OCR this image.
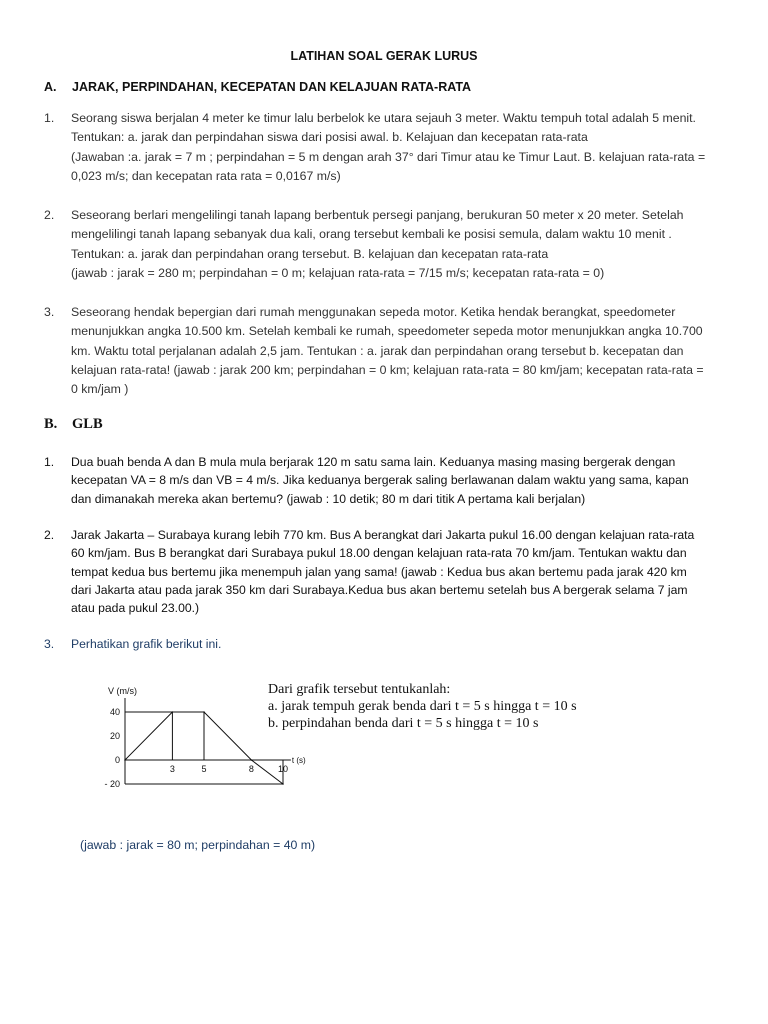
LATIHAN SOAL GERAK LURUS
A. JARAK, PERPINDAHAN, KECEPATAN DAN KELAJUAN RATA-RATA
1. Seorang siswa berjalan 4 meter ke timur lalu berbelok ke utara sejauh 3 meter. Waktu tempuh total adalah 5 menit.

Tentukan: a. jarak dan perpindahan siswa dari posisi awal. b. Kelajuan dan kecepatan rata-rata

(Jawaban :a. jarak = 7 m ; perpindahan = 5 m dengan arah 37° dari Timur atau ke Timur Laut. B. kelajuan rata-rata =

0,023 m/s; dan kecepatan rata rata = 0,0167 m/s)

2. Seseorang berlari mengelilingi tanah lapang berbentuk persegi panjang, berukuran 50 meter x 20 meter. Setelah

mengelilingi tanah lapang sebanyak dua kali, orang tersebut kembali ke posisi semula, dalam waktu 10 menit .

Tentukan: a. jarak dan perpindahan orang tersebut. B. kelajuan dan kecepatan rata-rata

(jawab : jarak = 280 m; perpindahan = 0 m; kelajuan rata-rata = 7/15 m/s; kecepatan rata-rata = 0)

3. Seseorang hendak bepergian dari rumah menggunakan sepeda motor. Ketika hendak berangkat, speedometer

menunjukkan angka 10.500 km. Setelah kembali ke rumah, speedometer sepeda motor menunjukkan angka 10.700

km. Waktu total perjalanan adalah 2,5 jam. Tentukan : a. jarak dan perpindahan orang tersebut b. kecepatan dan

kelajuan rata-rata! (jawab : jarak 200 km; perpindahan = 0 km; kelajuan rata-rata = 80 km/jam; kecepatan rata-rata =

0 km/jam )

B. GLB
1. Dua buah benda A dan B mula mula berjarak 120 m satu sama lain. Keduanya masing masing bergerak dengan

kecepatan VA = 8 m/s dan VB = 4 m/s. Jika keduanya bergerak saling berlawanan dalam waktu yang sama, kapan

dan dimanakah mereka akan bertemu? (jawab : 10 detik; 80 m dari titik A pertama kali berjalan)

2. Jarak Jakarta – Surabaya kurang lebih 770 km. Bus A berangkat dari Jakarta pukul 16.00 dengan kelajuan rata-rata

60 km/jam. Bus B berangkat dari Surabaya pukul 18.00 dengan kelajuan rata-rata 70 km/jam. Tentukan waktu dan

tempat kedua bus bertemu jika menempuh jalan yang sama! (jawab : Kedua bus akan bertemu pada jarak 420 km

dari Jakarta atau pada jarak 350 km dari Surabaya.Kedua bus akan bertemu setelah bus A bergerak selama 7 jam

atau pada pukul 23.00.)

3. Perhatikan grafik berikut ini.

V (m/s)
t (s)
40
20
0
- 20
3	5	8	10

Dari grafik tersebut tentukanlah:

a. jarak tempuh gerak benda dari t = 5 s hingga t = 10 s

b. perpindahan benda dari t = 5 s hingga t = 10 s

(jawab : jarak = 80 m; perpindahan = 40 m)
